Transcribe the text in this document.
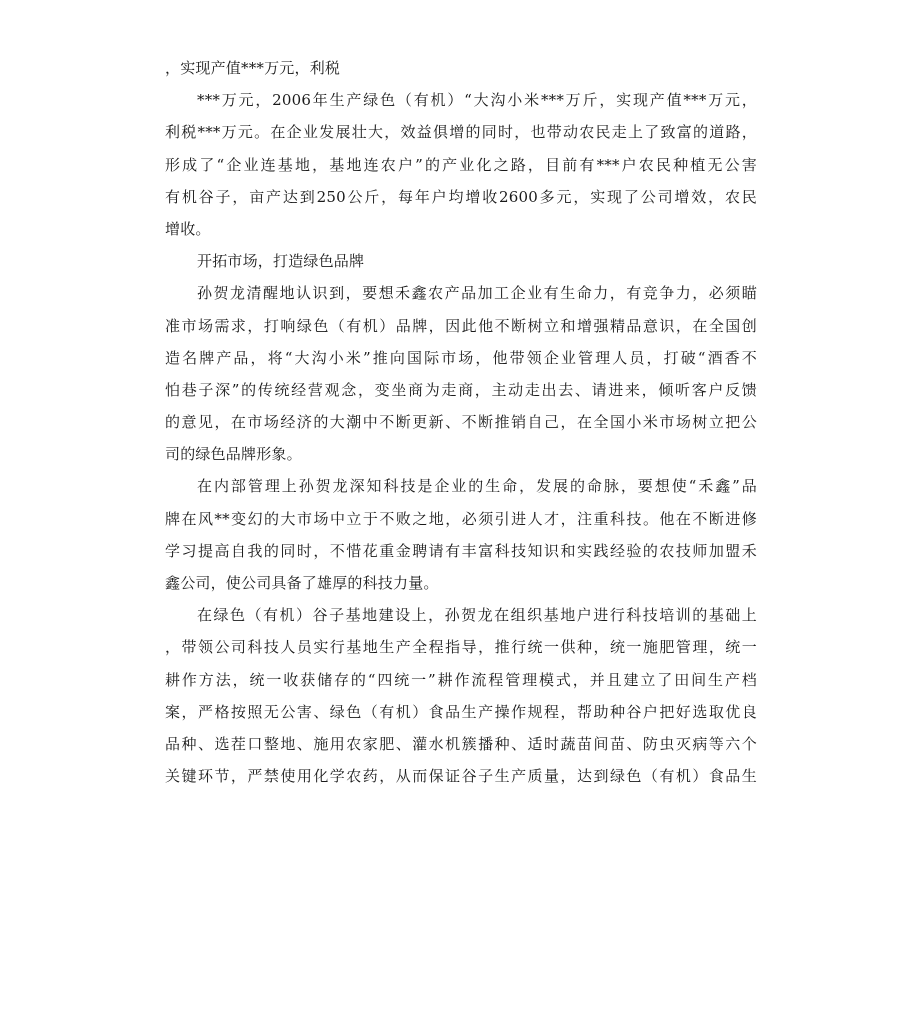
，实现产值***万元，利税
***万元，2006年生产绿色（有机）“大沟小米***万斤，实现产值***万元，
利税***万元。在企业发展壮大，效益俱增的同时，也带动农民走上了致富的道路，
形成了“企业连基地，基地连农户”的产业化之路，目前有***户农民种植无公害
有机谷子，亩产达到250公斤，每年户均增收2600多元，实现了公司增效，农民
增收。
开拓市场，打造绿色品牌
孙贺龙清醒地认识到，要想禾鑫农产品加工企业有生命力，有竞争力，必须瞄
准市场需求，打响绿色（有机）品牌，因此他不断树立和增强精品意识，在全国创
造名牌产品，将“大沟小米”推向国际市场，他带领企业管理人员，打破“酒香不
怕巷子深”的传统经营观念，变坐商为走商，主动走出去、请进来，倾听客户反馈
的意见，在市场经济的大潮中不断更新、不断推销自己，在全国小米市场树立把公
司的绿色品牌形象。
在内部管理上孙贺龙深知科技是企业的生命，发展的命脉，要想使“禾鑫”品
牌在风**变幻的大市场中立于不败之地，必须引进人才，注重科技。他在不断进修
学习提高自我的同时，不惜花重金聘请有丰富科技知识和实践经验的农技师加盟禾
鑫公司，使公司具备了雄厚的科技力量。
在绿色（有机）谷子基地建设上，孙贺龙在组织基地户进行科技培训的基础上
，带领公司科技人员实行基地生产全程指导，推行统一供种，统一施肥管理，统一
耕作方法，统一收获储存的“四统一”耕作流程管理模式，并且建立了田间生产档
案，严格按照无公害、绿色（有机）食品生产操作规程，帮助种谷户把好选取优良
品种、选茬口整地、施用农家肥、灌水机簇播种、适时蔬苗间苗、防虫灭病等六个
关键环节，严禁使用化学农药，从而保证谷子生产质量，达到绿色（有机）食品生
